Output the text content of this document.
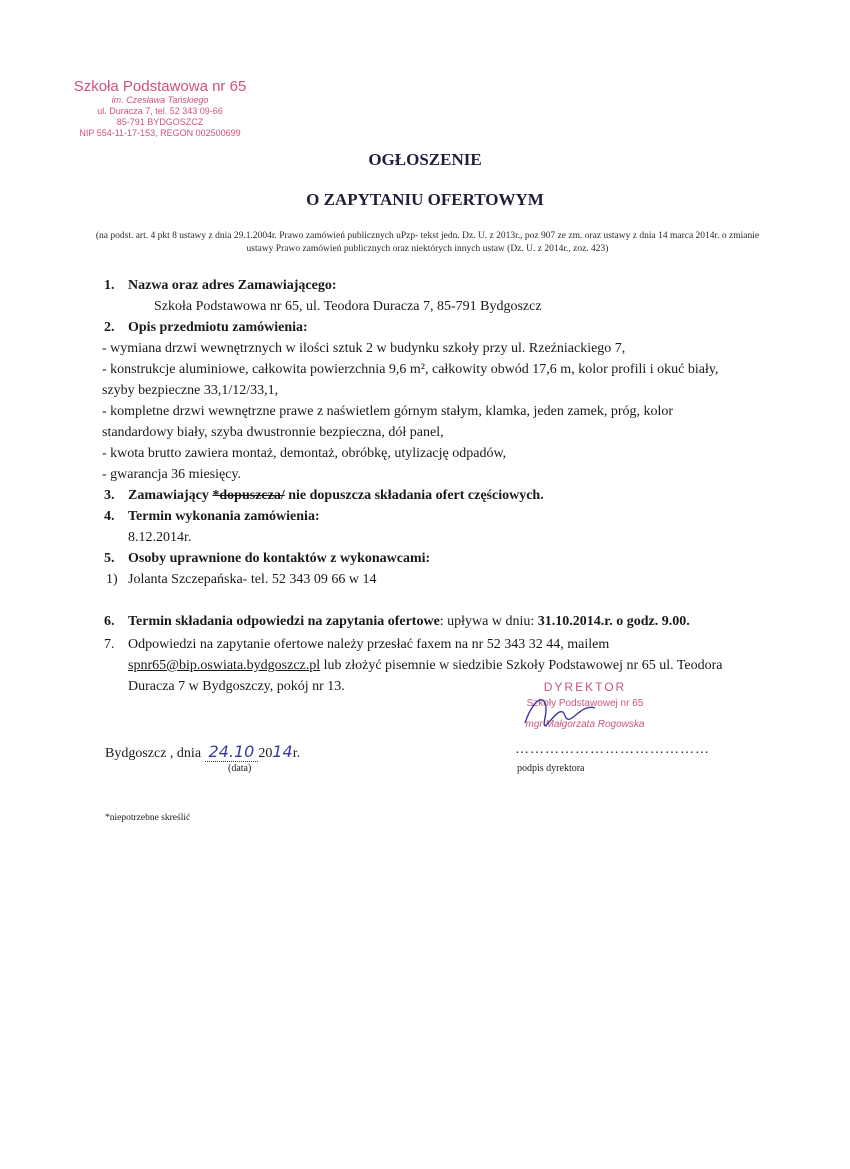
Szkoła Podstawowa nr 65
im. Czesława Tańskiego
ul. Duracza 7, tel. 52 343 09-66
85-791 BYDGOSZCZ
NIP 554-11-17-153, REGON 002500699
OGŁOSZENIE
O ZAPYTANIU OFERTOWYM
(na podst. art. 4 pkt 8 ustawy z dnia 29.1.2004r. Prawo zamówień publicznych uPzp- tekst jedn. Dz. U. z 2013r., poz 907 ze zm. oraz ustawy z dnia 14 marca 2014r. o zmianie ustawy Prawo zamówień publicznych oraz niektórych innych ustaw (Dz. U. z 2014r., zoz. 423)
1. Nazwa oraz adres Zamawiającego:
Szkoła Podstawowa nr 65, ul. Teodora Duracza 7, 85-791 Bydgoszcz
2. Opis przedmiotu zamówienia:
- wymiana drzwi wewnętrznych w ilości sztuk 2 w budynku szkoły przy ul. Rzeźniackiego 7,
- konstrukcje aluminiowe, całkowita powierzchnia 9,6 m², całkowity obwód 17,6 m, kolor profili i okuć biały, szyby bezpieczne 33,1/12/33,1,
- kompletne drzwi wewnętrzne prawe z naświetlem górnym stałym, klamka, jeden zamek, próg, kolor standardowy biały, szyba dwustronnie bezpieczna, dół panel,
- kwota brutto zawiera montaż, demontaż, obróbkę, utylizację odpadów,
- gwarancja 36 miesięcy.
3. Zamawiający *dopuszcza/ nie dopuszcza składania ofert częściowych.
4. Termin wykonania zamówienia:
8.12.2014r.
5. Osoby uprawnione do kontaktów z wykonawcami:
1) Jolanta Szczepańska- tel. 52 343 09 66 w 14
6. Termin składania odpowiedzi na zapytania ofertowe: upływa w dniu: 31.10.2014.r. o godz. 9.00.
7. Odpowiedzi na zapytanie ofertowe należy przesłać faxem na nr 52 343 32 44, mailem spnr65@bip.oswiata.bydgoszcz.pl lub złożyć pisemnie w siedzibie Szkoły Podstawowej nr 65 ul. Teodora Duracza 7 w Bydgoszczy, pokój nr 13.	DYREKTOR
Szkoły Podstawowej nr 65
mgr Małgorzata Rogowska
Bydgoszcz , dnia 24.10 2014r.
(data)
…………………………………
podpis dyrektora
*niepotrzebne skreślić
